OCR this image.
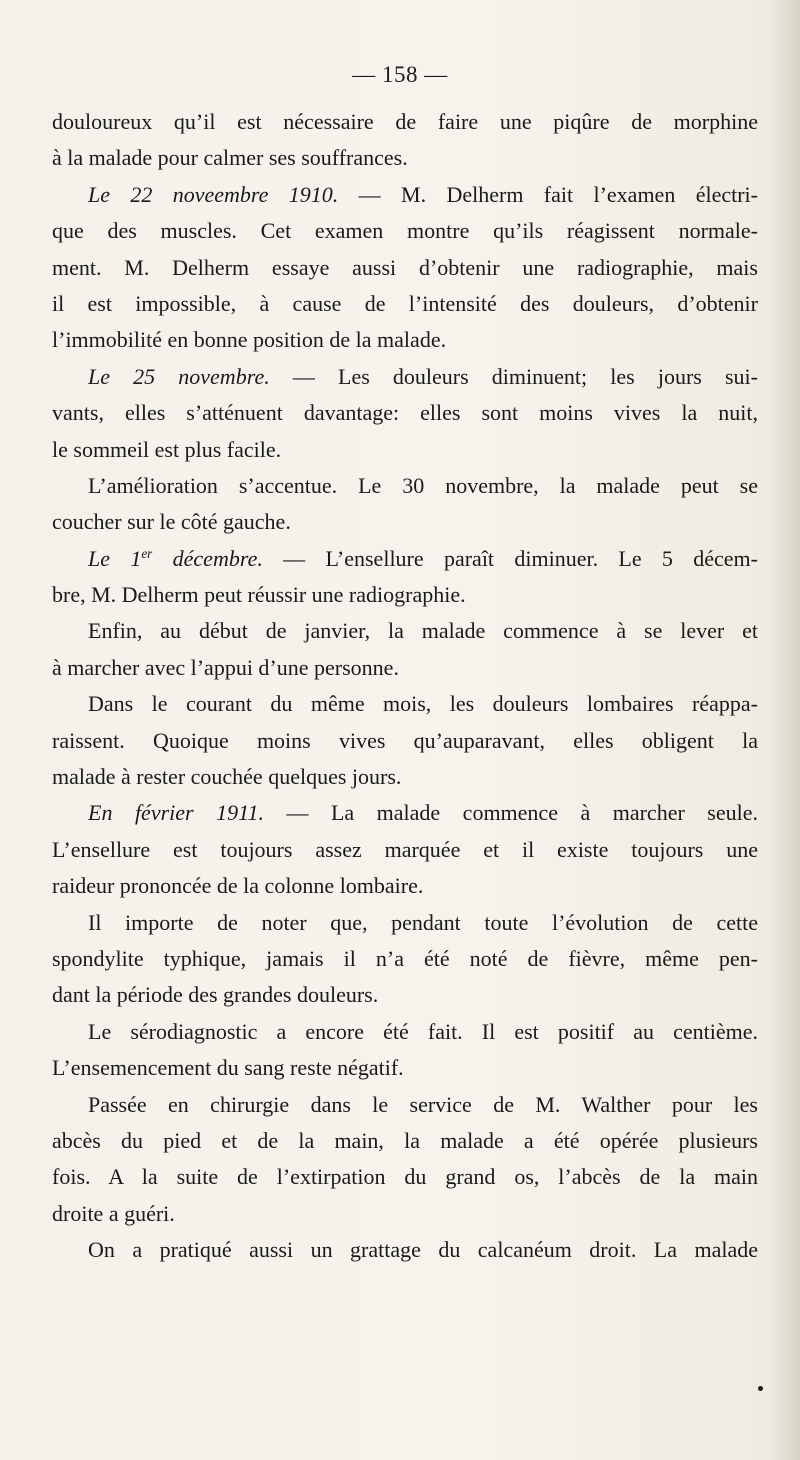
— 158 —
douloureux qu’il est nécessaire de faire une piqûre de morphine
à la malade pour calmer ses souffrances.
Le 22 noveembre 1910. — M. Delherm fait l’examen électri-
que des muscles. Cet examen montre qu’ils réagissent normale-
ment. M. Delherm essaye aussi d’obtenir une radiographie, mais
il est impossible, à cause de l’intensité des douleurs, d’obtenir
l’immobilité en bonne position de la malade.
Le 25 novembre. — Les douleurs diminuent; les jours sui-
vants, elles s’atténuent davantage: elles sont moins vives la nuit,
le sommeil est plus facile.
L’amélioration s’accentue. Le 30 novembre, la malade peut se
coucher sur le côté gauche.
Le 1er décembre. — L’ensellure paraît diminuer. Le 5 décem-
bre, M. Delherm peut réussir une radiographie.
Enfin, au début de janvier, la malade commence à se lever et
à marcher avec l’appui d’une personne.
Dans le courant du même mois, les douleurs lombaires réappa-
raissent. Quoique moins vives qu’auparavant, elles obligent la
malade à rester couchée quelques jours.
En février 1911. — La malade commence à marcher seule.
L’ensellure est toujours assez marquée et il existe toujours une
raideur prononcée de la colonne lombaire.
Il importe de noter que, pendant toute l’évolution de cette
spondylite typhique, jamais il n’a été noté de fièvre, même pen-
dant la période des grandes douleurs.
Le sérodiagnostic a encore été fait. Il est positif au centième.
L’ensemencement du sang reste négatif.
Passée en chirurgie dans le service de M. Walther pour les
abcès du pied et de la main, la malade a été opérée plusieurs
fois. A la suite de l’extirpation du grand os, l’abcès de la main
droite a guéri.
On a pratiqué aussi un grattage du calcanéum droit. La malade
